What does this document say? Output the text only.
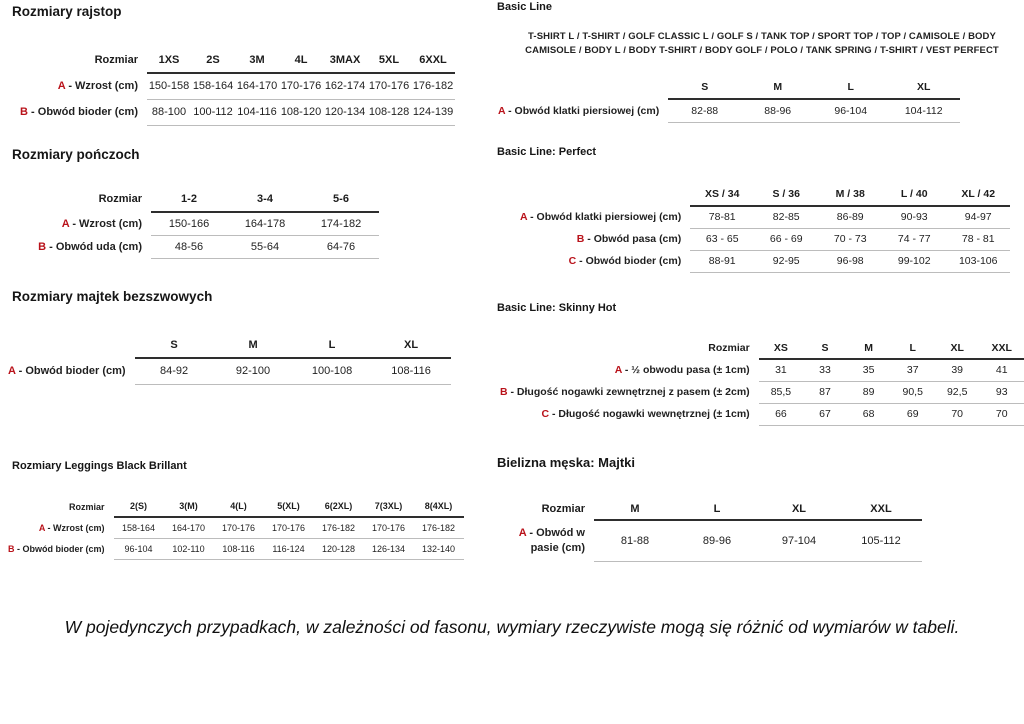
Rozmiary rajstop
Rozmiar	1XS	2S	3M	4L	3MAX	5XL	6XXL
A - Wzrost (cm)	150-158	158-164	164-170	170-176	162-174	170-176	176-182
B - Obwód bioder (cm)	88-100	100-112	104-116	108-120	120-134	108-128	124-139
Rozmiary pończoch
Rozmiar	1-2	3-4	5-6
A - Wzrost (cm)	150-166	164-178	174-182
B - Obwód uda (cm)	48-56	55-64	64-76
Rozmiary majtek bezszwowych
	S	M	L	XL
A - Obwód bioder (cm)	84-92	92-100	100-108	108-116
Rozmiary Leggings Black Brillant
Rozmiar	2(S)	3(M)	4(L)	5(XL)	6(2XL)	7(3XL)	8(4XL)
A - Wzrost (cm)	158-164	164-170	170-176	170-176	176-182	170-176	176-182
B - Obwód bioder (cm)	96-104	102-110	108-116	116-124	120-128	126-134	132-140
Basic Line
T-SHIRT L / T-SHIRT / GOLF CLASSIC L / GOLF S / TANK TOP / SPORT TOP / TOP / CAMISOLE / BODY
CAMISOLE / BODY L / BODY T-SHIRT / BODY GOLF / POLO / TANK SPRING / T-SHIRT / VEST PERFECT
	S	M	L	XL
A - Obwód klatki piersiowej (cm)	82-88	88-96	96-104	104-112
Basic Line: Perfect
	XS / 34	S / 36	M / 38	L / 40	XL / 42
A - Obwód klatki piersiowej (cm)	78-81	82-85	86-89	90-93	94-97
B - Obwód pasa (cm)	63 - 65	66 - 69	70 - 73	74 - 77	78 - 81
C - Obwód bioder (cm)	88-91	92-95	96-98	99-102	103-106
Basic Line: Skinny Hot
Rozmiar	XS	S	M	L	XL	XXL
A - ½ obwodu pasa (± 1cm)	31	33	35	37	39	41
B - Długość nogawki zewnętrznej z pasem (± 2cm)	85,5	87	89	90,5	92,5	93
C - Długość nogawki wewnętrznej (± 1cm)	66	67	68	69	70	70
Bielizna męska: Majtki
Rozmiar	M	L	XL	XXL
A - Obwód w pasie (cm)	81-88	89-96	97-104	105-112
W pojedynczych przypadkach, w zależności od fasonu, wymiary rzeczywiste mogą się różnić od wymiarów w tabeli.
